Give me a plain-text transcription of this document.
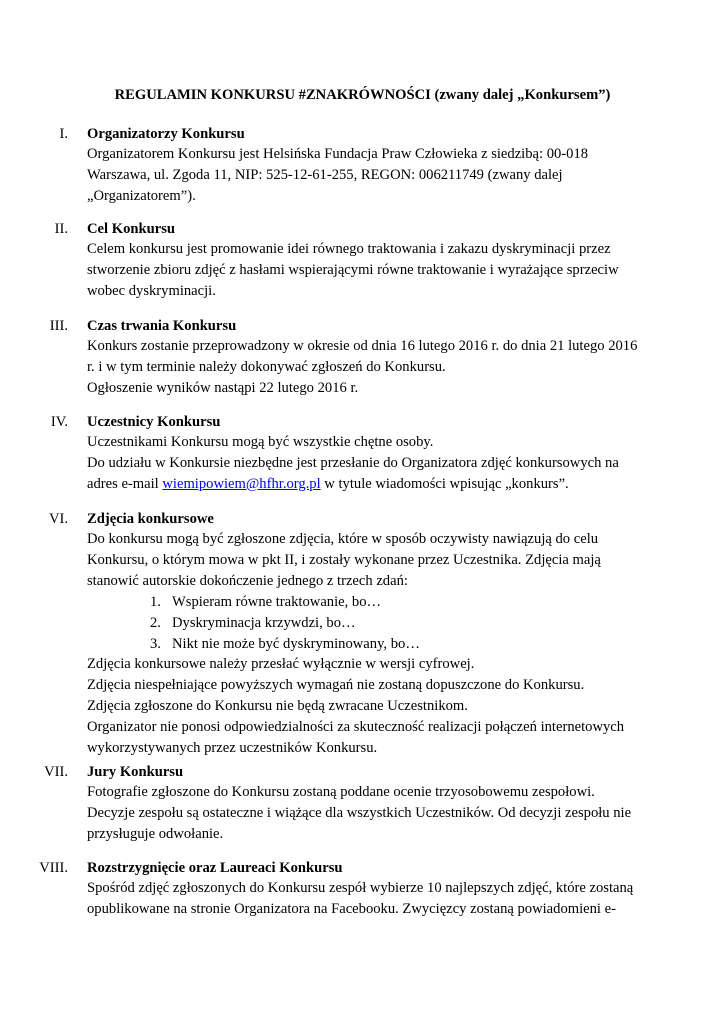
REGULAMIN KONKURSU #ZNAKRÓWNOŚCI (zwany dalej „Konkursem”)
I. Organizatorzy Konkursu
Organizatorem Konkursu jest Helsińska Fundacja Praw Człowieka z siedzibą: 00-018
Warszawa, ul. Zgoda 11, NIP: 525-12-61-255, REGON: 006211749 (zwany dalej
„Organizatorem”).
II. Cel Konkursu
Celem konkursu jest promowanie idei równego traktowania i zakazu dyskryminacji przez
stworzenie zbioru zdjęć z hasłami wspierającymi równe traktowanie i wyrażające sprzeciw
wobec dyskryminacji.
III. Czas trwania Konkursu
Konkurs zostanie przeprowadzony w okresie od dnia 16 lutego 2016 r. do dnia 21 lutego 2016
r. i w tym terminie należy dokonywać zgłoszeń do Konkursu.
Ogłoszenie wyników nastąpi 22 lutego 2016 r.
IV. Uczestnicy Konkursu
Uczestnikami Konkursu mogą być wszystkie chętne osoby.
Do udziału w Konkursie niezbędne jest przesłanie do Organizatora zdjęć konkursowych na
adres e-mail wiemipowiem@hfhr.org.pl w tytule wiadomości wpisując „konkurs”.
VI. Zdjęcia konkursowe
Do konkursu mogą być zgłoszone zdjęcia, które w sposób oczywisty nawiązują do celu
Konkursu, o którym mowa w pkt II, i zostały wykonane przez Uczestnika. Zdjęcia mają
stanowić autorskie dokończenie jednego z trzech zdań:
1. Wspieram równe traktowanie, bo…
2. Dyskryminacja krzywdzi, bo…
3. Nikt nie może być dyskryminowany, bo…
Zdjęcia konkursowe należy przesłać wyłącznie w wersji cyfrowej.
Zdjęcia niespełniające powyższych wymagań nie zostaną dopuszczone do Konkursu.
Zdjęcia zgłoszone do Konkursu nie będą zwracane Uczestnikom.
Organizator nie ponosi odpowiedzialności za skuteczność realizacji połączeń internetowych
wykorzystywanych przez uczestników Konkursu.
VII. Jury Konkursu
Fotografie zgłoszone do Konkursu zostaną poddane ocenie trzyosobowemu zespołowi.
Decyzje zespołu są ostateczne i wiążące dla wszystkich Uczestników. Od decyzji zespołu nie
przysługuje odwołanie.
VIII. Rozstrzygnięcie oraz Laureaci Konkursu
Spośród zdjęć zgłoszonych do Konkursu zespół wybierze 10 najlepszych zdjęć, które zostaną
opublikowane na stronie Organizatora na Facebooku. Zwycięzcy zostaną powiadomieni e-
